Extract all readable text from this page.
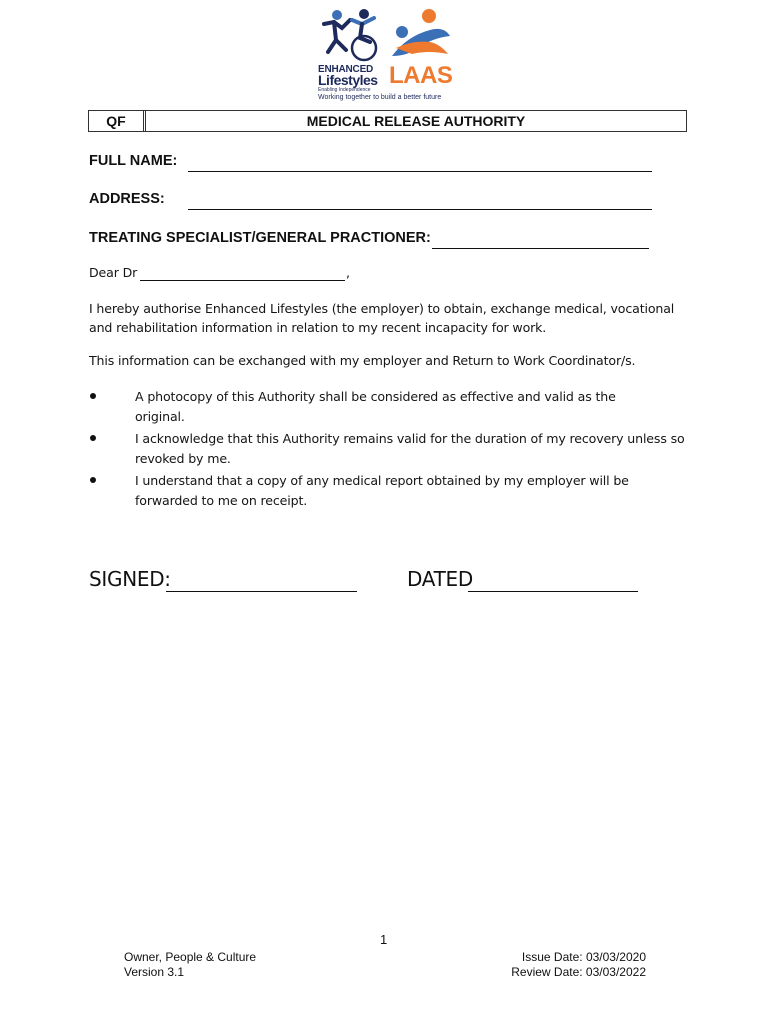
ENHANCED
Lifestyles
Enabling Independence
LAAS
Working together to build a better future
QF	MEDICAL RELEASE AUTHORITY
FULL NAME:
ADDRESS:
TREATING SPECIALIST/GENERAL PRACTIONER:
Dear Dr	,
I hereby authorise Enhanced Lifestyles (the employer) to obtain, exchange medical, vocational
and rehabilitation information in relation to my recent incapacity for work.
This information can be exchanged with my employer and Return to Work Coordinator/s.
A photocopy of this Authority shall be considered as effective and valid as the
original.
I acknowledge that this Authority remains valid for the duration of my recovery unless so
revoked by me.
I understand that a copy of any medical report obtained by my employer will be
forwarded to me on receipt.
SIGNED:	DATED
1
Owner, People & Culture
Version 3.1
Issue Date: 03/03/2020
Review Date: 03/03/2022
